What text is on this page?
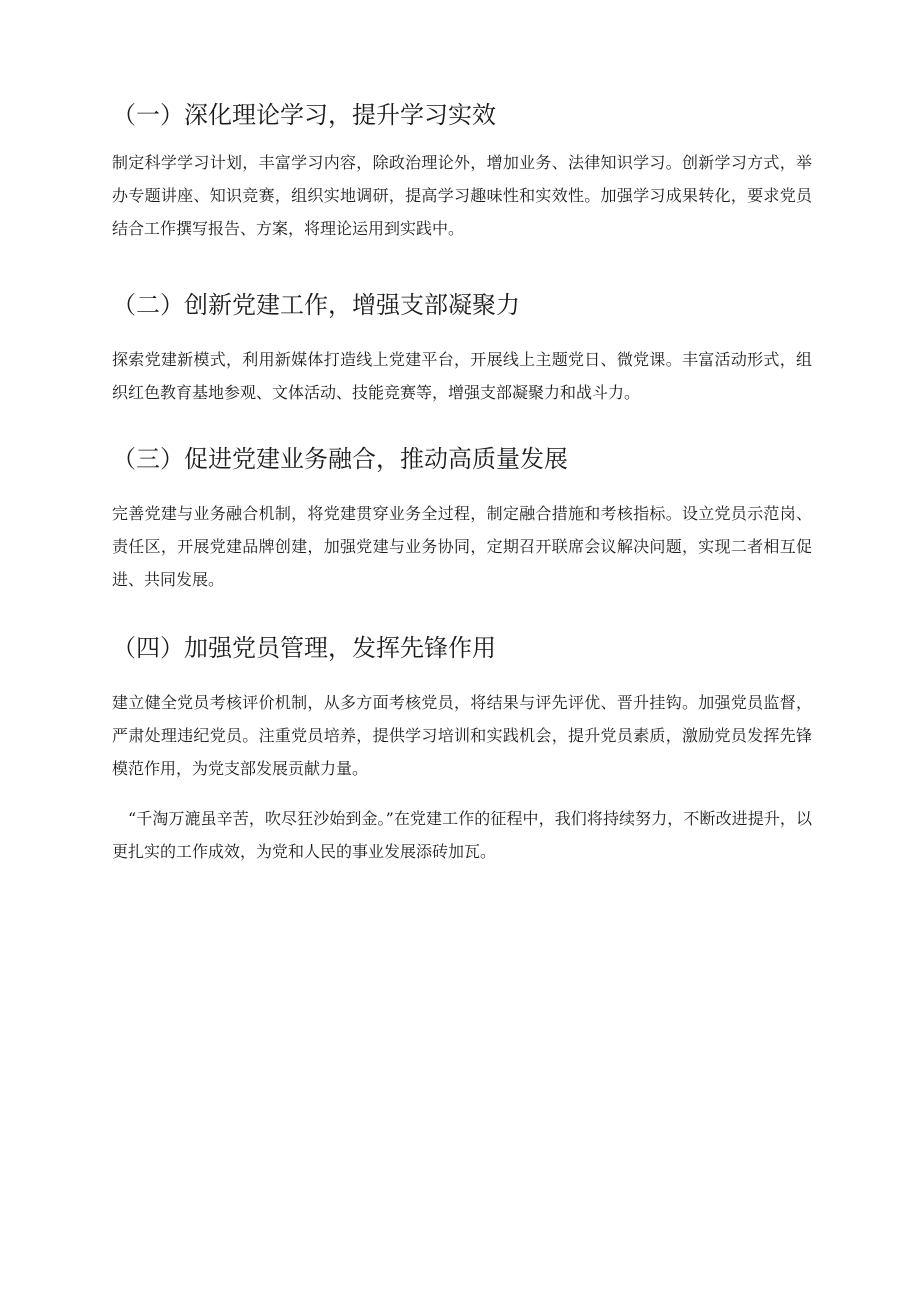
（一）深化理论学习，提升学习实效

制定科学学习计划，丰富学习内容，除政治理论外，增加业务、法律知识学习。创新学习方式，举办专题讲座、知识竞赛，组织实地调研，提高学习趣味性和实效性。加强学习成果转化，要求党员结合工作撰写报告、方案，将理论运用到实践中。

（二）创新党建工作，增强支部凝聚力

探索党建新模式，利用新媒体打造线上党建平台，开展线上主题党日、微党课。丰富活动形式，组织红色教育基地参观、文体活动、技能竞赛等，增强支部凝聚力和战斗力。

（三）促进党建业务融合，推动高质量发展

完善党建与业务融合机制，将党建贯穿业务全过程，制定融合措施和考核指标。设立党员示范岗、责任区，开展党建品牌创建，加强党建与业务协同，定期召开联席会议解决问题，实现二者相互促进、共同发展。

（四）加强党员管理，发挥先锋作用

建立健全党员考核评价机制，从多方面考核党员，将结果与评先评优、晋升挂钩。加强党员监督，严肃处理违纪党员。注重党员培养，提供学习培训和实践机会，提升党员素质，激励党员发挥先锋模范作用，为党支部发展贡献力量。

“千淘万漉虽辛苦，吹尽狂沙始到金。”在党建工作的征程中，我们将持续努力，不断改进提升，以更扎实的工作成效，为党和人民的事业发展添砖加瓦。
